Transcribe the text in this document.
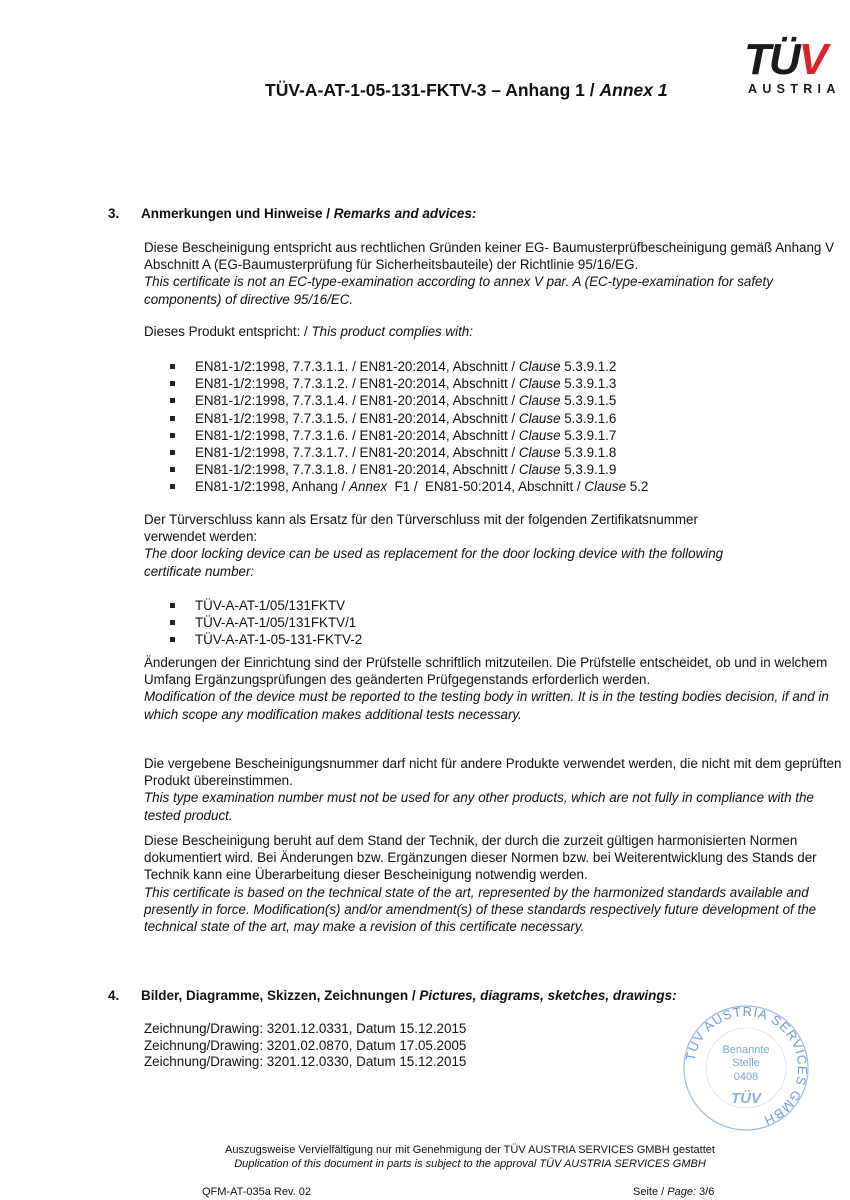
TÜV-A-AT-1-05-131-FKTV-3 – Anhang 1 / Annex 1
TÜV
AUSTRIA
3. Anmerkungen und Hinweise / Remarks and advices:
Diese Bescheinigung entspricht aus rechtlichen Gründen keiner EG- Baumusterprüfbescheinigung gemäß Anhang V Abschnitt A (EG-Baumusterprüfung für Sicherheitsbauteile) der Richtlinie 95/16/EG.
This certificate is not an EC-type-examination according to annex V par. A (EC-type-examination for safety components) of directive 95/16/EC.
Dieses Produkt entspricht: / This product complies with:
EN81-1/2:1998, 7.7.3.1.1. / EN81-20:2014, Abschnitt / Clause 5.3.9.1.2
EN81-1/2:1998, 7.7.3.1.2. / EN81-20:2014, Abschnitt / Clause 5.3.9.1.3
EN81-1/2:1998, 7.7.3.1.4. / EN81-20:2014, Abschnitt / Clause 5.3.9.1.5
EN81-1/2:1998, 7.7.3.1.5. / EN81-20:2014, Abschnitt / Clause 5.3.9.1.6
EN81-1/2:1998, 7.7.3.1.6. / EN81-20:2014, Abschnitt / Clause 5.3.9.1.7
EN81-1/2:1998, 7.7.3.1.7. / EN81-20:2014, Abschnitt / Clause 5.3.9.1.8
EN81-1/2:1998, 7.7.3.1.8. / EN81-20:2014, Abschnitt / Clause 5.3.9.1.9
EN81-1/2:1998, Anhang / Annex  F1 /  EN81-50:2014, Abschnitt / Clause 5.2
Der Türverschluss kann als Ersatz für den Türverschluss mit der folgenden Zertifikatsnummer verwendet werden:
The door locking device can be used as replacement for the door locking device with the following certificate number:
TÜV-A-AT-1/05/131FKTV
TÜV-A-AT-1/05/131FKTV/1
TÜV-A-AT-1-05-131-FKTV-2
Änderungen der Einrichtung sind der Prüfstelle schriftlich mitzuteilen. Die Prüfstelle entscheidet, ob und in welchem Umfang Ergänzungsprüfungen des geänderten Prüfgegenstands erforderlich werden.
Modification of the device must be reported to the testing body in written. It is in the testing bodies decision, if and in which scope any modification makes additional tests necessary.
Die vergebene Bescheinigungsnummer darf nicht für andere Produkte verwendet werden, die nicht mit dem geprüften Produkt übereinstimmen.
This type examination number must not be used for any other products, which are not fully in compliance with the tested product.
Diese Bescheinigung beruht auf dem Stand der Technik, der durch die zurzeit gültigen harmonisierten Normen dokumentiert wird. Bei Änderungen bzw. Ergänzungen dieser Normen bzw. bei Weiterentwicklung des Stands der Technik kann eine Überarbeitung dieser Bescheinigung notwendig werden.
This certificate is based on the technical state of the art, represented by the harmonized standards available and presently in force. Modification(s) and/or amendment(s) of these standards respectively future development of the technical state of the art, may make a revision of this certificate necessary.
4. Bilder, Diagramme, Skizzen, Zeichnungen / Pictures, diagrams, sketches, drawings:
Zeichnung/Drawing: 3201.12.0331, Datum 15.12.2015
Zeichnung/Drawing: 3201.02.0870, Datum 17.05.2005
Zeichnung/Drawing: 3201.12.0330, Datum 15.12.2015	TÜV AUSTRIA SERVICES GMBH
Benannte
Stelle
0408
TÜV
Auszugsweise Vervielfältigung nur mit Genehmigung der TÜV AUSTRIA SERVICES GMBH gestattet
Duplication of this document in parts is subject to the approval TÜV AUSTRIA SERVICES GMBH
QFM-AT-035a Rev. 02	Seite / Page: 3/6
